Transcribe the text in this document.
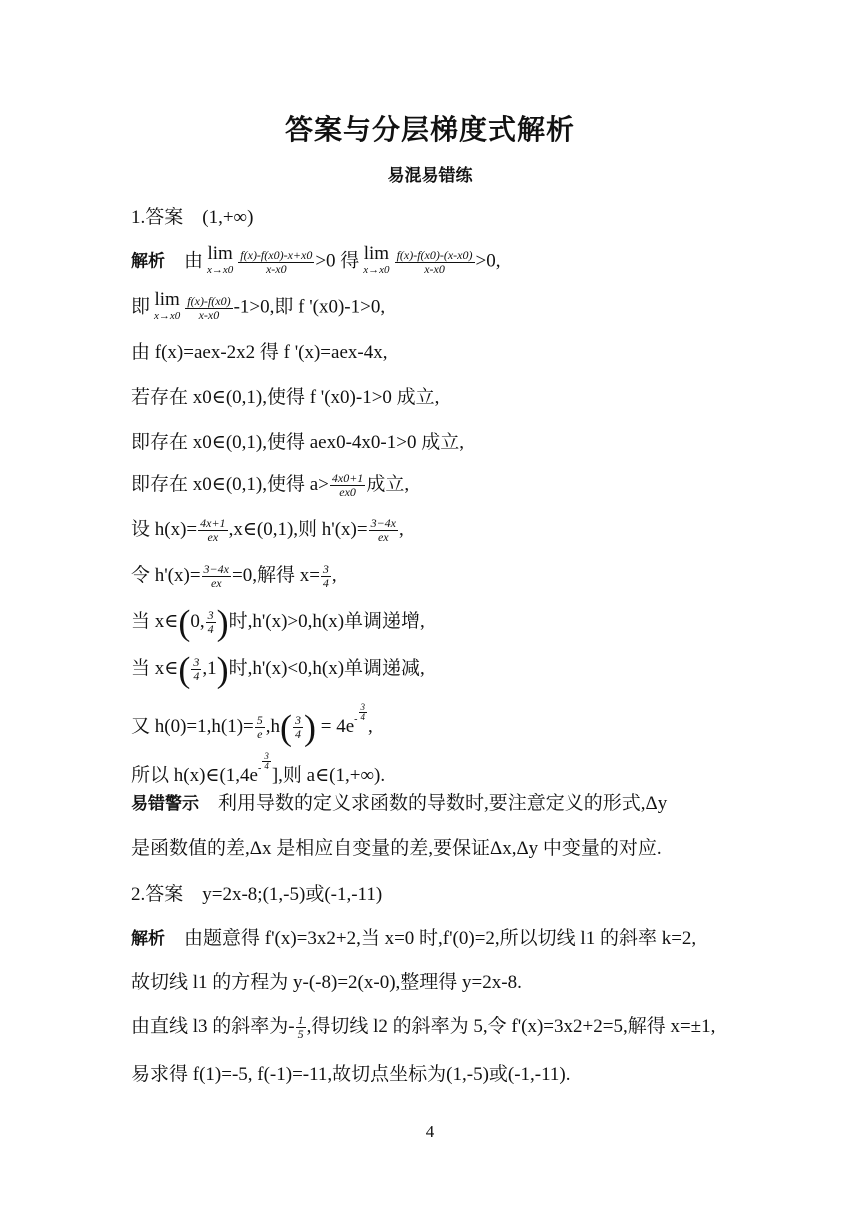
答案与分层梯度式解析
易混易错练
1.答案 (1,+∞)
解析 由 lim
$x\to x0 \frac{f(x)-f(x0)-x+x0}{x-x0} >0$ 得 lim
$x\to x0 \frac{f(x)-f(x0)-(x-x0)}{x-x0} >0$,
即 lim
$x\to x0 \frac{f(x)-f(x0)}{x-x0} -1>0$,即 f '(x0)-1>0,
由 f(x)=aex-2x2 得 f '(x)=aex-4x,
若存在 x0∈(0,1),使得 f '(x0)-1>0 成立,
即存在 x0∈(0,1),使得 aex0-4x0-1>0 成立,
即存在 x0∈(0,1),使得 $a> \frac{4x0+1}{ex0}$ 成立,
设 $h(x)= \frac{4x+1}{ex}$ ,x∈(0,1),则 $h'(x)= \frac{3-4x}{ex}$ ,
令 $h'(x)= \frac{3-4x}{ex} =0$,解得 $x= \frac{3}{4}$ ,
当 x∈(0, $\frac{3}{4}$ )时,h'(x)>0,h(x)单调递增,
当 x∈( $\frac{3}{4} ,1$)时,h'(x)<0,h(x)单调递减,
又 $h(0)=1,h(1)= \frac{5}{e} ,h( \frac{3}{4}$ ) = $4e^- \frac{3}{4}$
,
所以 h(x)∈(1,4e- $\frac{3}{4}$
],则 a∈(1,+∞).
易错警示 利用导数的定义求函数的导数时,要注意定义的形式,Δy
是函数值的差,Δx 是相应自变量的差,要保证Δx,Δy 中变量的对应.
2.答案 y=2x-8;(1,-5)或(-1,-11)
解析 由题意得 f'(x)=3x2+2,当 x=0 时,f'(0)=2,所以切线 l1 的斜率 k=2,
故切线 l1 的方程为 y-(-8)=2(x-0),整理得 y=2x-8.
由直线 l3 的斜率为- $\frac{1}{5}$ ,得切线 l2 的斜率为 5,令 f'(x)=3x2+2=5,解得 x=±1,
易求得 f(1)=-5, f(-1)=-11,故切点坐标为(1,-5)或(-1,-11).
4
